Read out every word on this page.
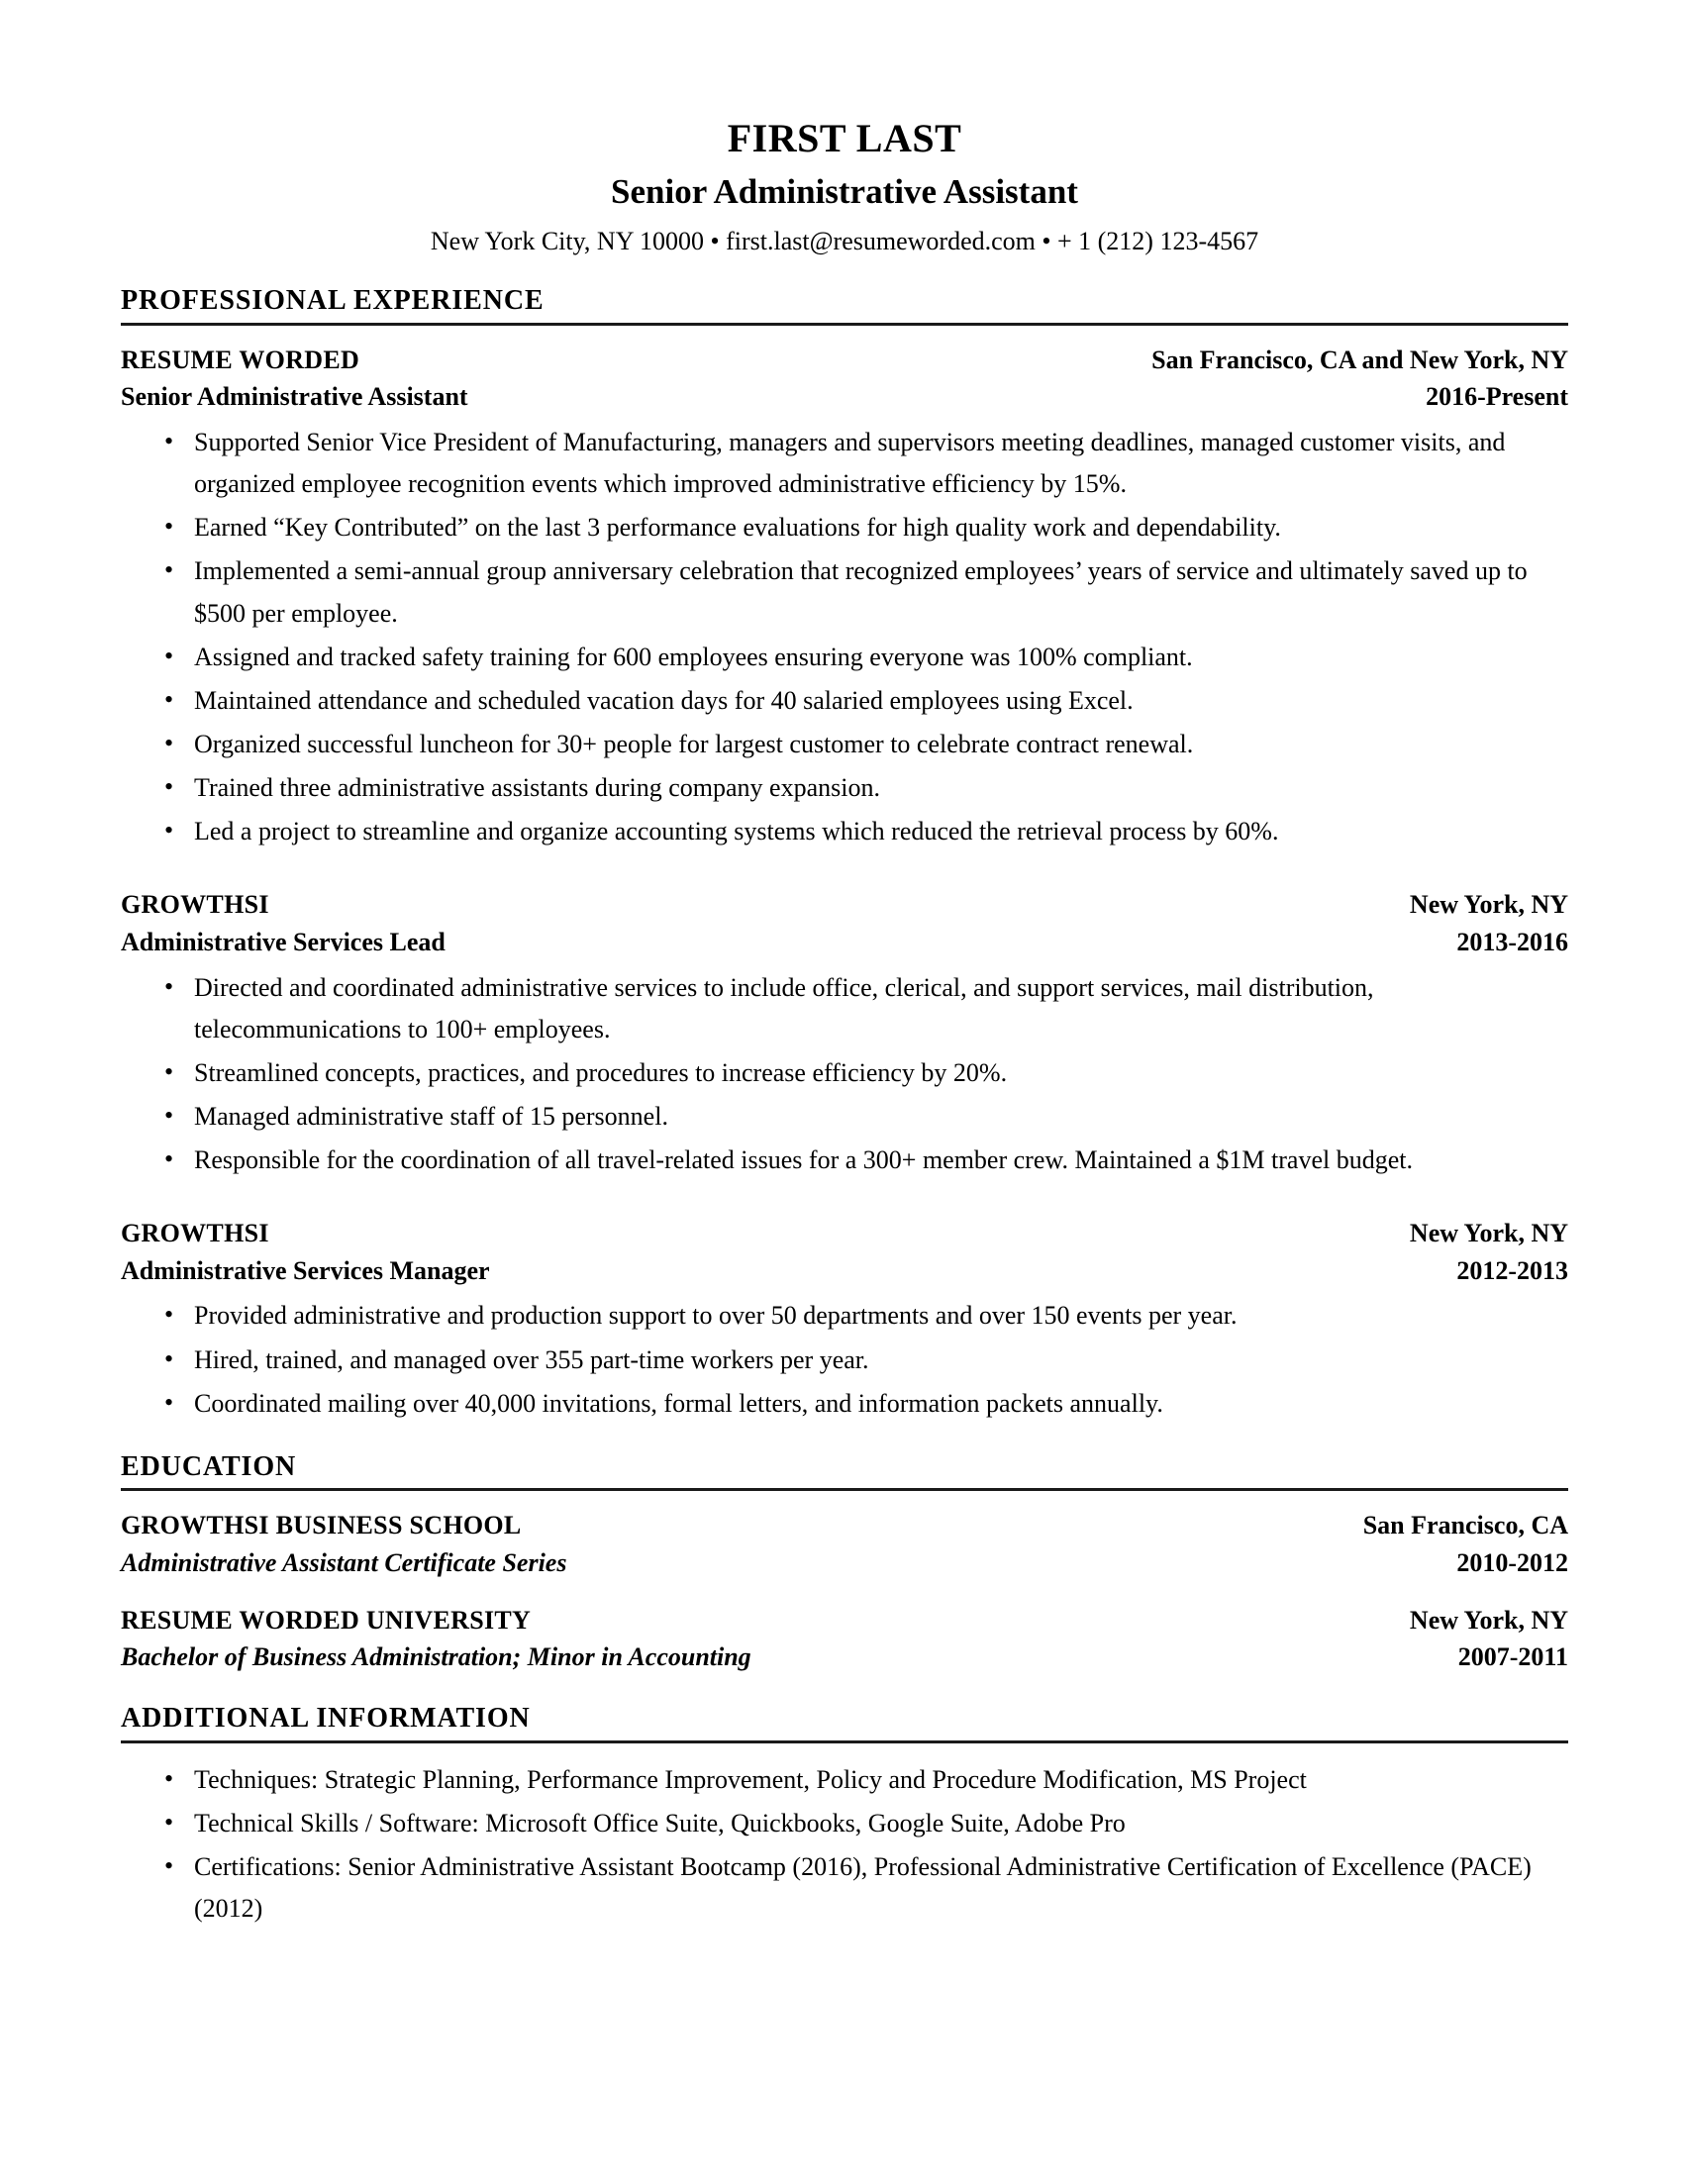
FIRST LAST
Senior Administrative Assistant
New York City, NY 10000 • first.last@resumeworded.com • + 1 (212) 123-4567
PROFESSIONAL EXPERIENCE
RESUME WORDED	San Francisco, CA and New York, NY
Senior Administrative Assistant	2016-Present
• Supported Senior Vice President of Manufacturing, managers and supervisors meeting deadlines, managed customer visits, and organized employee recognition events which improved administrative efficiency by 15%.
• Earned “Key Contributed” on the last 3 performance evaluations for high quality work and dependability.
• Implemented a semi-annual group anniversary celebration that recognized employees’ years of service and ultimately saved up to $500 per employee.
• Assigned and tracked safety training for 600 employees ensuring everyone was 100% compliant.
• Maintained attendance and scheduled vacation days for 40 salaried employees using Excel.
• Organized successful luncheon for 30+ people for largest customer to celebrate contract renewal.
• Trained three administrative assistants during company expansion.
• Led a project to streamline and organize accounting systems which reduced the retrieval process by 60%.
GROWTHSI	New York, NY
Administrative Services Lead	2013-2016
• Directed and coordinated administrative services to include office, clerical, and support services, mail distribution, telecommunications to 100+ employees.
• Streamlined concepts, practices, and procedures to increase efficiency by 20%.
• Managed administrative staff of 15 personnel.
• Responsible for the coordination of all travel-related issues for a 300+ member crew. Maintained a $1M travel budget.
GROWTHSI	New York, NY
Administrative Services Manager	2012-2013
• Provided administrative and production support to over 50 departments and over 150 events per year.
• Hired, trained, and managed over 355 part-time workers per year.
• Coordinated mailing over 40,000 invitations, formal letters, and information packets annually.
EDUCATION
GROWTHSI BUSINESS SCHOOL	San Francisco, CA
Administrative Assistant Certificate Series	2010-2012
RESUME WORDED UNIVERSITY	New York, NY
Bachelor of Business Administration; Minor in Accounting	2007-2011
ADDITIONAL INFORMATION
• Techniques: Strategic Planning, Performance Improvement, Policy and Procedure Modification, MS Project
• Technical Skills / Software: Microsoft Office Suite, Quickbooks, Google Suite, Adobe Pro
• Certifications: Senior Administrative Assistant Bootcamp (2016), Professional Administrative Certification of Excellence (PACE) (2012)
